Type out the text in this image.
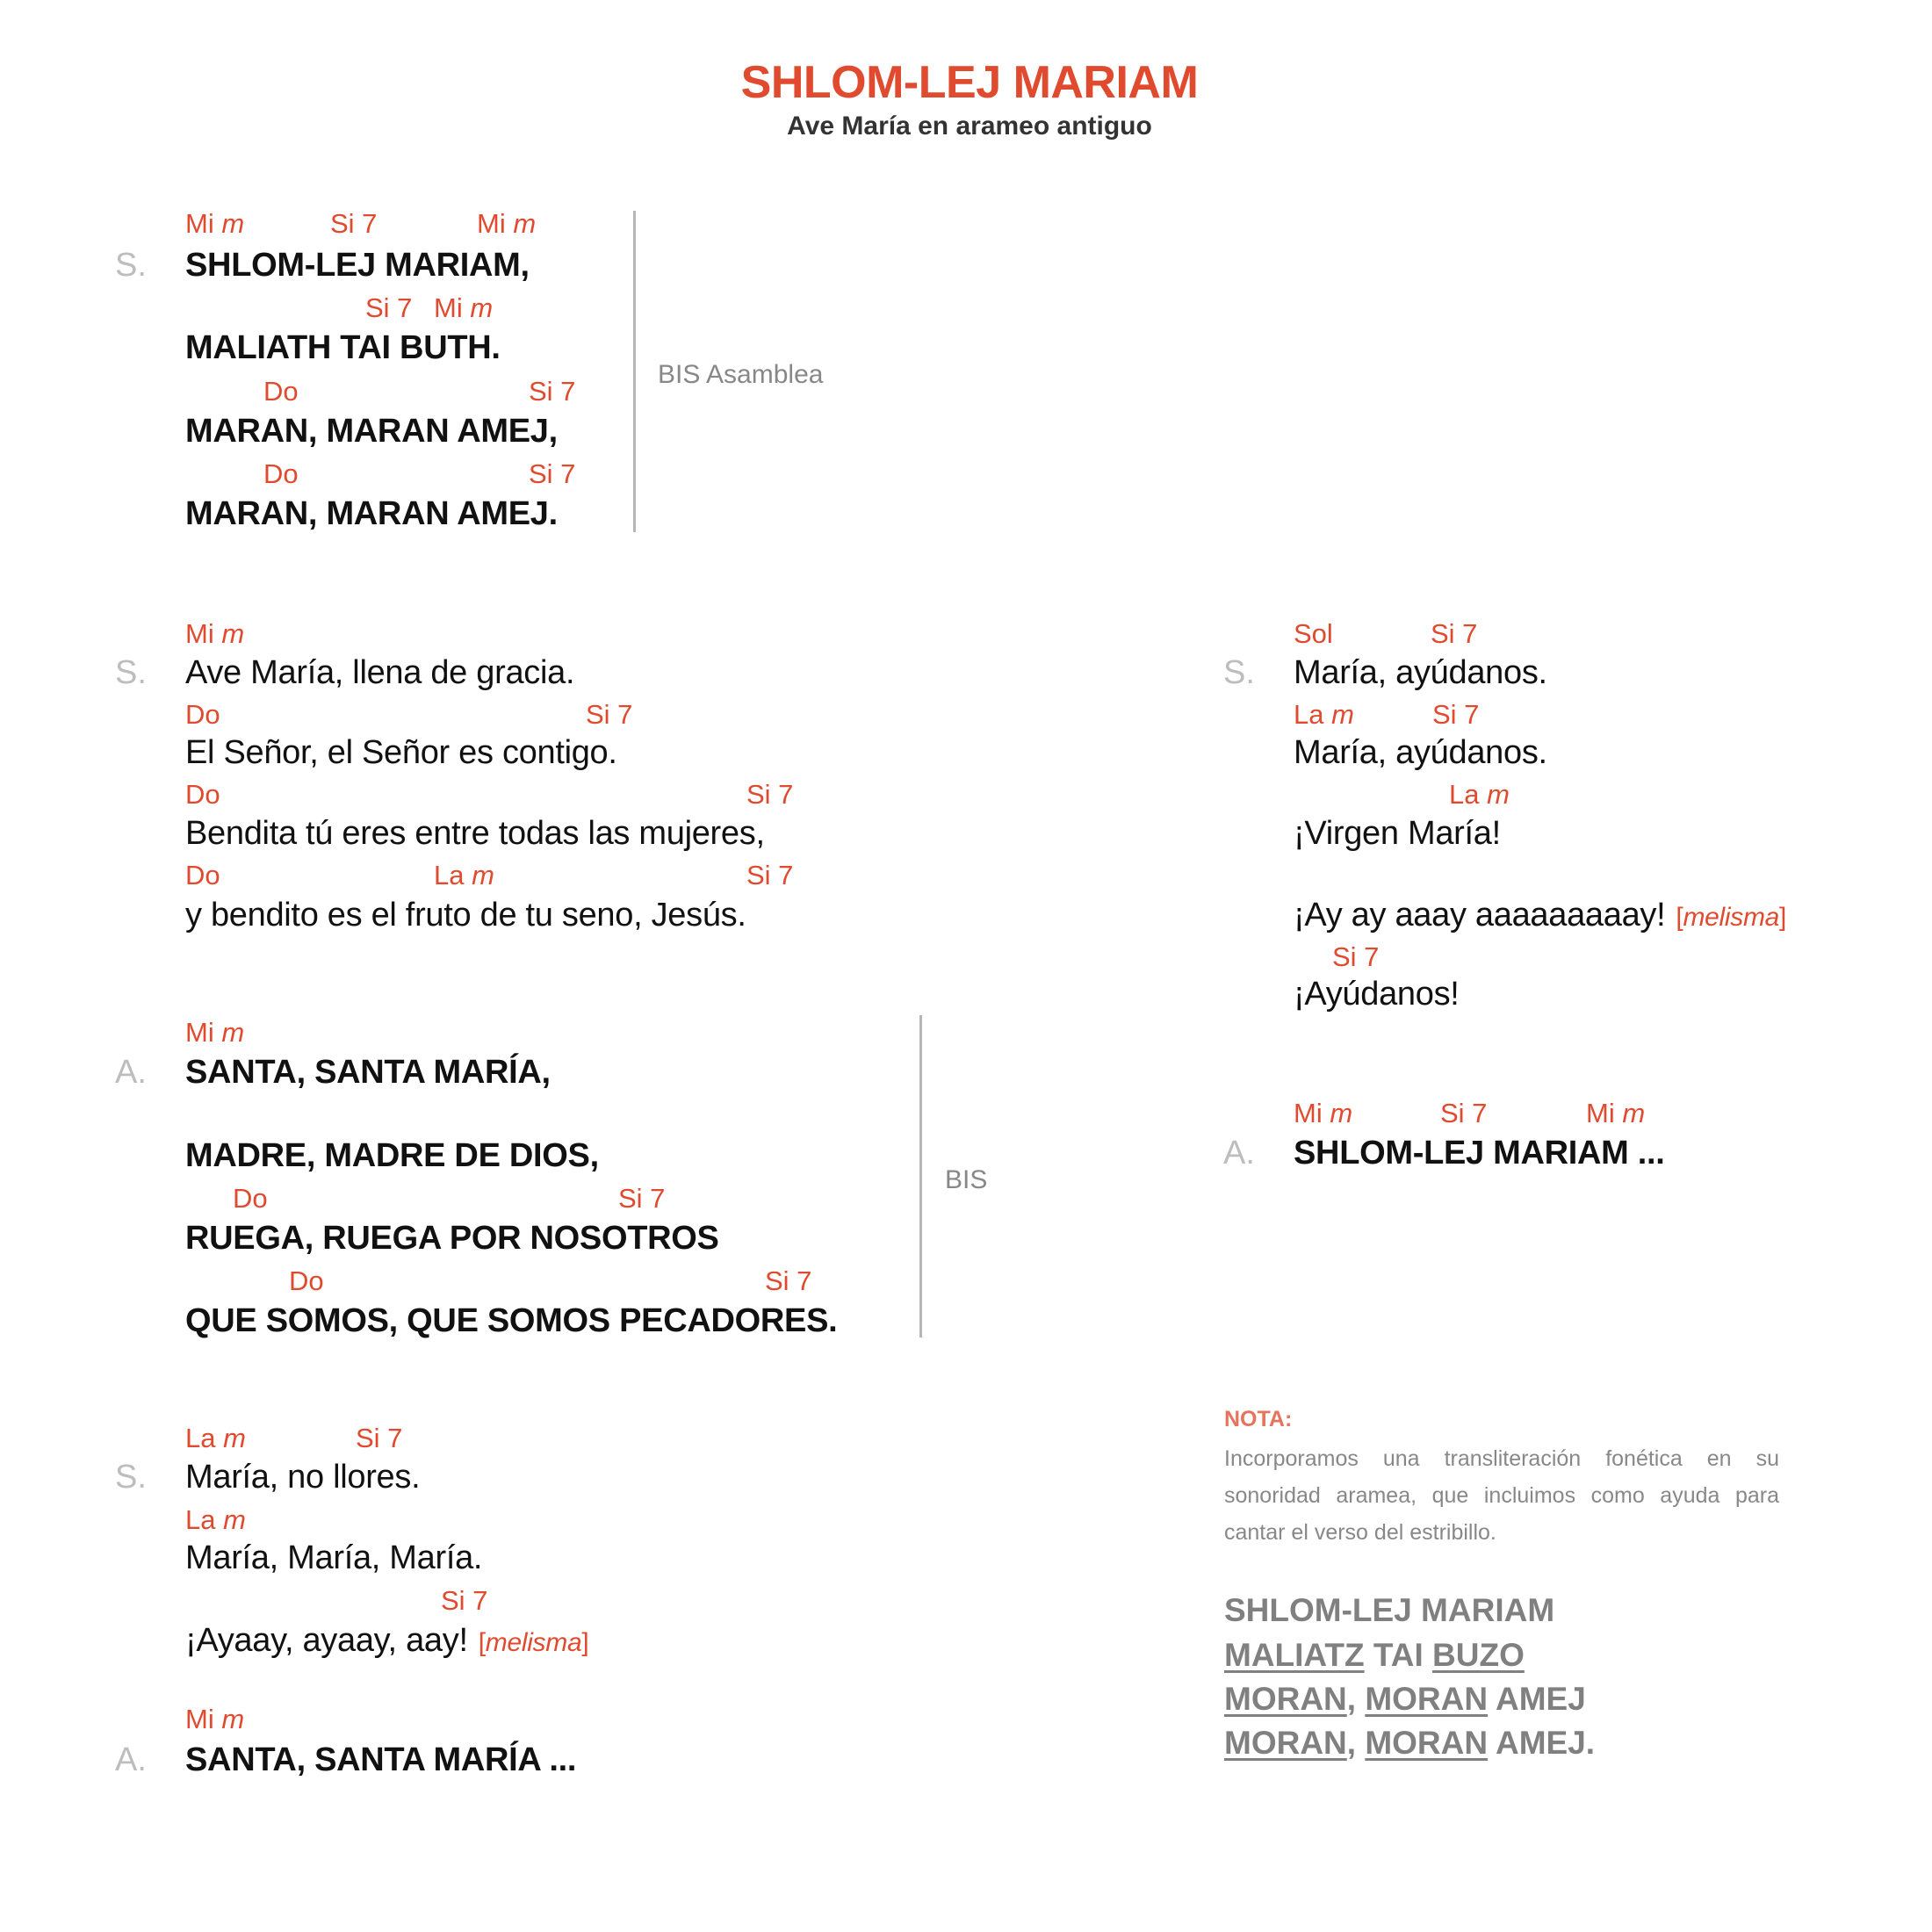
SHLOM-LEJ MARIAM
Ave María en arameo antiguo
BIS Asamblea
BIS
NOTA:
Incorporamos una transliteración fonética en su sonoridad aramea, que incluimos como ayuda para cantar el verso del estribillo.
SHLOM-LEJ MARIAM
MALIATZ TAI BUZO
MORAN, MORAN AMEJ
MORAN, MORAN AMEJ.
S.
Mi m	Si 7	Mi m
SHLOM-LEJ MARIAM,
Si 7 Mi m
MALIATH TAI BUTH.
Do	Si 7
MARAN, MARAN AMEJ,
Do	Si 7
MARAN, MARAN AMEJ.
S.
Mi m
Ave María, llena de gracia.
Do	Si 7
El Señor, el Señor es contigo.
Do	Si 7
Bendita tú eres entre todas las mujeres,
Do	La m	Si 7
y bendito es el fruto de tu seno, Jesús.
A.
Mi m
SANTA, SANTA MARÍA,
MADRE, MADRE DE DIOS,
Do	Si 7
RUEGA, RUEGA POR NOSOTROS
Do	Si 7
QUE SOMOS, QUE SOMOS PECADORES.
S.
La m	Si 7
María, no llores.
La m
María, María, María.
Si 7
¡Ayaay, ayaay, aay! [melisma]
A.
Mi m
SANTA, SANTA MARÍA ...
S.
Sol	Si 7
María, ayúdanos.
La m	Si 7
María, ayúdanos.
La m
¡Virgen María!
¡Ay ay aaay aaaaaaaaay! [melisma]
Si 7
¡Ayúdanos!
A.
Mi m	Si 7	Mi m
SHLOM-LEJ MARIAM ...
